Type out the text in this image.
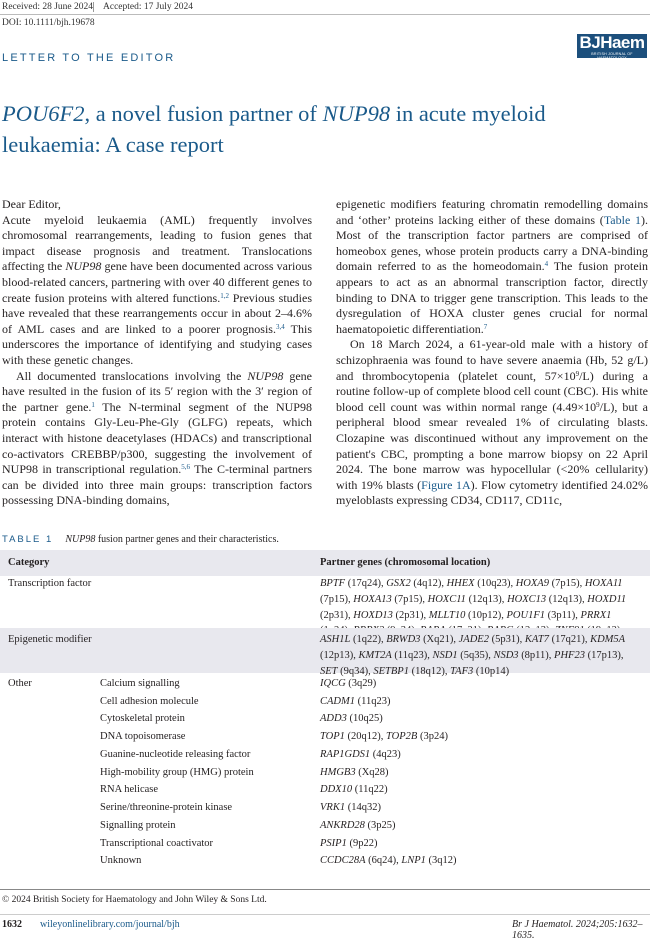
Received: 28 June 2024 Accepted: 17 July 2024
DOI: 10.1111/bjh.19678
LETTER TO THE EDITOR
BJHaem
BRITISH JOURNAL OF HAEMATOLOGY
POU6F2, a novel fusion partner of NUP98 in acute myeloid leukaemia: A case report

Dear Editor,

Acute myeloid leukaemia (AML) frequently involves chromosomal rearrangements, leading to fusion genes that impact disease prognosis and treatment. Translocations affecting the NUP98 gene have been documented across various blood-related cancers, partnering with over 40 different genes to create fusion proteins with altered functions.$^{1,2}$ Previous studies have revealed that these rearrangements occur in about 2–4.6% of AML cases and are linked to a poorer prognosis.$^{3,4}$ This underscores the importance of identifying and studying cases with these genetic changes.

All documented translocations involving the NUP98 gene have resulted in the fusion of its 5′ region with the 3′ region of the partner gene.$^1$ The N-terminal segment of the NUP98 protein contains Gly-Leu-Phe-Gly (GLFG) repeats, which interact with histone deacetylases (HDACs) and transcriptional co-activators CREBBP/p300, suggesting the involvement of NUP98 in transcriptional regulation.$^{5,6}$ The C-terminal partners can be divided into three main groups: transcription factors possessing DNA-binding domains,

epigenetic modifiers featuring chromatin remodelling domains and ‘other’ proteins lacking either of these domains (Table 1). Most of the transcription factor partners are comprised of homeobox genes, whose protein products carry a DNA-binding domain referred to as the homeodomain.$^4$ The fusion protein appears to act as an abnormal transcription factor, directly binding to DNA to trigger gene transcription. This leads to the dysregulation of HOXA cluster genes crucial for normal haematopoietic differentiation.$^7$

On 18 March 2024, a 61-year-old male with a history of schizophraenia was found to have severe anaemia (Hb, 52 g/L) and thrombocytopenia (platelet count, $57\times 10^9/L$) during a routine follow-up of complete blood cell count (CBC). His white blood cell count was within normal range $(4.49\times 10^9/L)$, but a peripheral blood smear revealed 1% of circulating blasts. Clozapine was discontinued without any improvement on the patient's CBC, prompting a bone marrow biopsy on 22 April 2024. The bone marrow was hypocellular (<20% cellularity) with 19% blasts (Figure 1A). Flow cytometry identified 24.02% myeloblasts expressing CD34, CD117, CD11c,

TABLE 1 NUP98 fusion partner genes and their characteristics.
Category	Partner genes (chromosomal location)
Transcription factor	BPTF (17q24), GSX2 (4q12), HHEX (10q23), HOXA9 (7p15), HOXA11 (7p15), HOXA13 (7p15), HOXC11 (12q13), HOXC13 (12q13), HOXD11 (2p31), HOXD13 (2p31), MLLT10 (10p12), POU1F1 (3p11), PRRX1
Epigenetic modifier	ASH1L (1q22), BRWD3 (Xq21), JADE2 (5p31), KAT7 (17q21), KDM5A (12p13), KMT2A (11q23), NSD1 (5q35), NSD3 (8p11), PHF23 (17p13), SET (9q34), SETBP1 (18q12), TAF3 (10p14)
Other	Calcium signalling	IQCG (3q29)
Cell adhesion molecule	CADM1 (11q23)
Cytoskeletal protein	ADD3 (10q25)
DNA topoisomerase	TOP1 (20q12), TOP2B (3p24)
Guanine-nucleotide releasing factor	RAP1GDS1 (4q23)
High-mobility group (HMG) protein	HMGB3 (Xq28)
RNA helicase	DDX10 (11q22)
Serine/threonine-protein kinase	VRK1 (14q32)
Signalling protein	ANKRD28 (3p25)
Transcriptional coactivator	PSIP1 (9p22)
Unknown	CCDC28A (6q24), LNP1 (3q12)
© 2024 British Society for Haematology and John Wiley & Sons Ltd.
1632 wileyonlinelibrary.com/journal/bjh	Br J Haematol. 2024;205:1632–1635.
